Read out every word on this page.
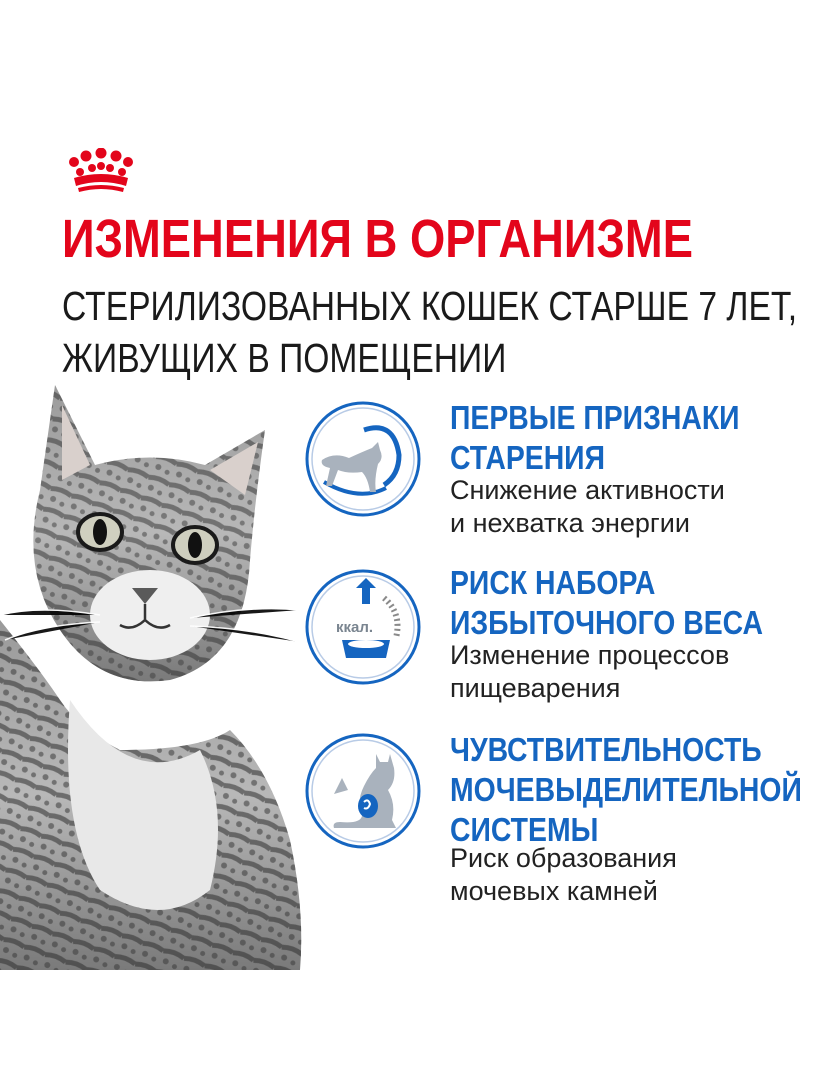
ИЗМЕНЕНИЯ В ОРГАНИЗМЕ
СТЕРИЛИЗОВАННЫХ КОШЕК СТАРШЕ 7 ЛЕТ,
ЖИВУЩИХ В ПОМЕЩЕНИИ
ПЕРВЫЕ ПРИЗНАКИ
СТАРЕНИЯ
Снижение активности
и нехватка энергии
ккал.
РИСК НАБОРА
ИЗБЫТОЧНОГО ВЕСА
Изменение процессов
пищеварения
ЧУВСТВИТЕЛЬНОСТЬ
МОЧЕВЫДЕЛИТЕЛЬНОЙ
СИСТЕМЫ
Риск образования
мочевых камней
